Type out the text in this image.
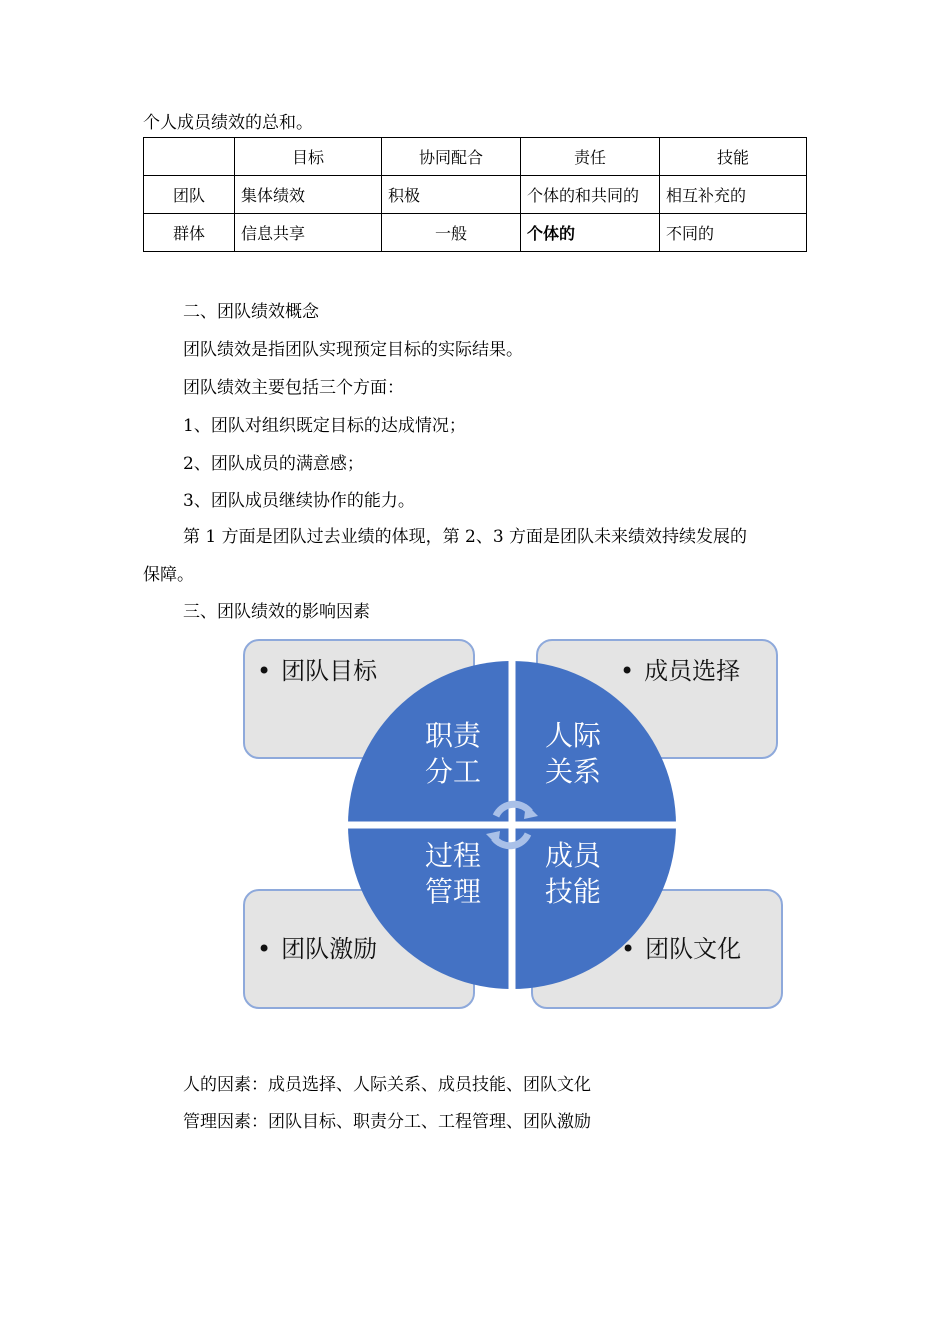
个人成员绩效的总和。
	目标	协同配合	责任	技能
团队	集体绩效	积极	个体的和共同的	相互补充的
群体	信息共享	一般	个体的	不同的
二、团队绩效概念
团队绩效是指团队实现预定目标的实际结果。
团队绩效主要包括三个方面：
1、团队对组织既定目标的达成情况；
2、团队成员的满意感；
3、团队成员继续协作的能力。
第 1 方面是团队过去业绩的体现，第 2、3 方面是团队未来绩效持续发展的
保障。
三、团队绩效的影响因素
• 团队目标	• 成员选择
• 团队激励	• 团队文化
职责
分工
人际
关系
过程
管理
成员
技能
人的因素：成员选择、人际关系、成员技能、团队文化
管理因素：团队目标、职责分工、工程管理、团队激励
